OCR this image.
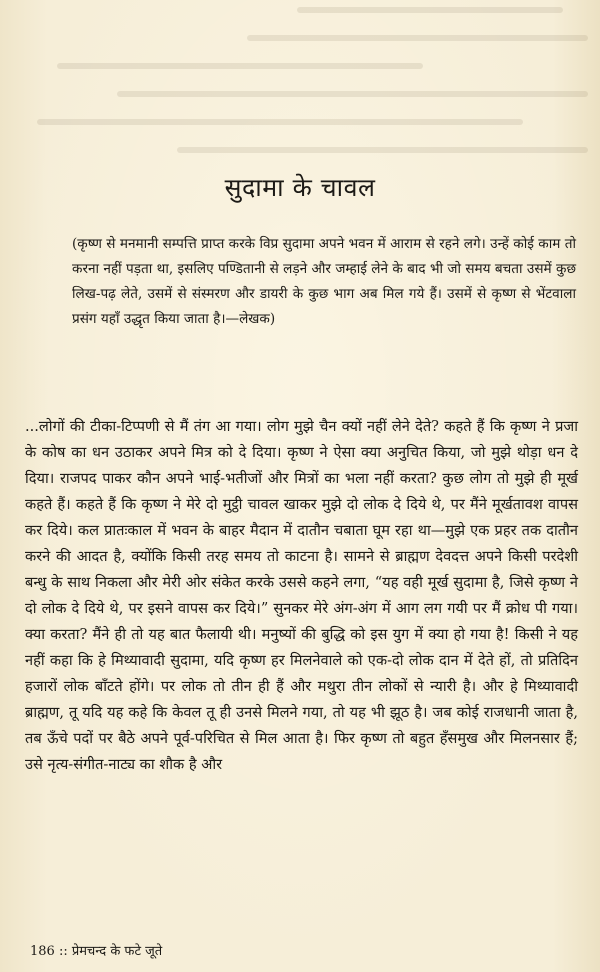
सुदामा के चावल

(कृष्ण से मनमानी सम्पत्ति प्राप्त करके विप्र सुदामा अपने भवन में आराम से रहने लगे। उन्हें कोई काम तो करना नहीं पड़ता था, इसलिए पण्डितानी से लड़ने और जम्हाई लेने के बाद भी जो समय बचता उसमें कुछ लिख-पढ़ लेते, उसमें से संस्मरण और डायरी के कुछ भाग अब मिल गये हैं। उसमें से कृष्ण से भेंटवाला प्रसंग यहाँ उद्धृत किया जाता है।—लेखक)

...लोगों की टीका-टिप्पणी से मैं तंग आ गया। लोग मुझे चैन क्यों नहीं लेने देते? कहते हैं कि कृष्ण ने प्रजा के कोष का धन उठाकर अपने मित्र को दे दिया। कृष्ण ने ऐसा क्या अनुचित किया, जो मुझे थोड़ा धन दे दिया। राजपद पाकर कौन अपने भाई-भतीजों और मित्रों का भला नहीं करता? कुछ लोग तो मुझे ही मूर्ख कहते हैं। कहते हैं कि कृष्ण ने मेरे दो मुट्ठी चावल खाकर मुझे दो लोक दे दिये थे, पर मैंने मूर्खतावश वापस कर दिये। कल प्रातःकाल में भवन के बाहर मैदान में दातौन चबाता घूम रहा था—मुझे एक प्रहर तक दातौन करने की आदत है, क्योंकि किसी तरह समय तो काटना है। सामने से ब्राह्मण देवदत्त अपने किसी परदेशी बन्धु के साथ निकला और मेरी ओर संकेत करके उससे कहने लगा, “यह वही मूर्ख सुदामा है, जिसे कृष्ण ने दो लोक दे दिये थे, पर इसने वापस कर दिये।” सुनकर मेरे अंग-अंग में आग लग गयी पर मैं क्रोध पी गया। क्या करता? मैंने ही तो यह बात फैलायी थी। मनुष्यों की बुद्धि को इस युग में क्या हो गया है! किसी ने यह नहीं कहा कि हे मिथ्यावादी सुदामा, यदि कृष्ण हर मिलनेवाले को एक-दो लोक दान में देते हों, तो प्रतिदिन हजारों लोक बाँटते होंगे। पर लोक तो तीन ही हैं और मथुरा तीन लोकों से न्यारी है। और हे मिथ्यावादी ब्राह्मण, तू यदि यह कहे कि केवल तू ही उनसे मिलने गया, तो यह भी झूठ है। जब कोई राजधानी जाता है, तब ऊँचे पदों पर बैठे अपने पूर्व-परिचित से मिल आता है। फिर कृष्ण तो बहुत हँसमुख और मिलनसार हैं; उसे नृत्य-संगीत-नाट्य का शौक है और

186 :: प्रेमचन्द के फटे जूते
